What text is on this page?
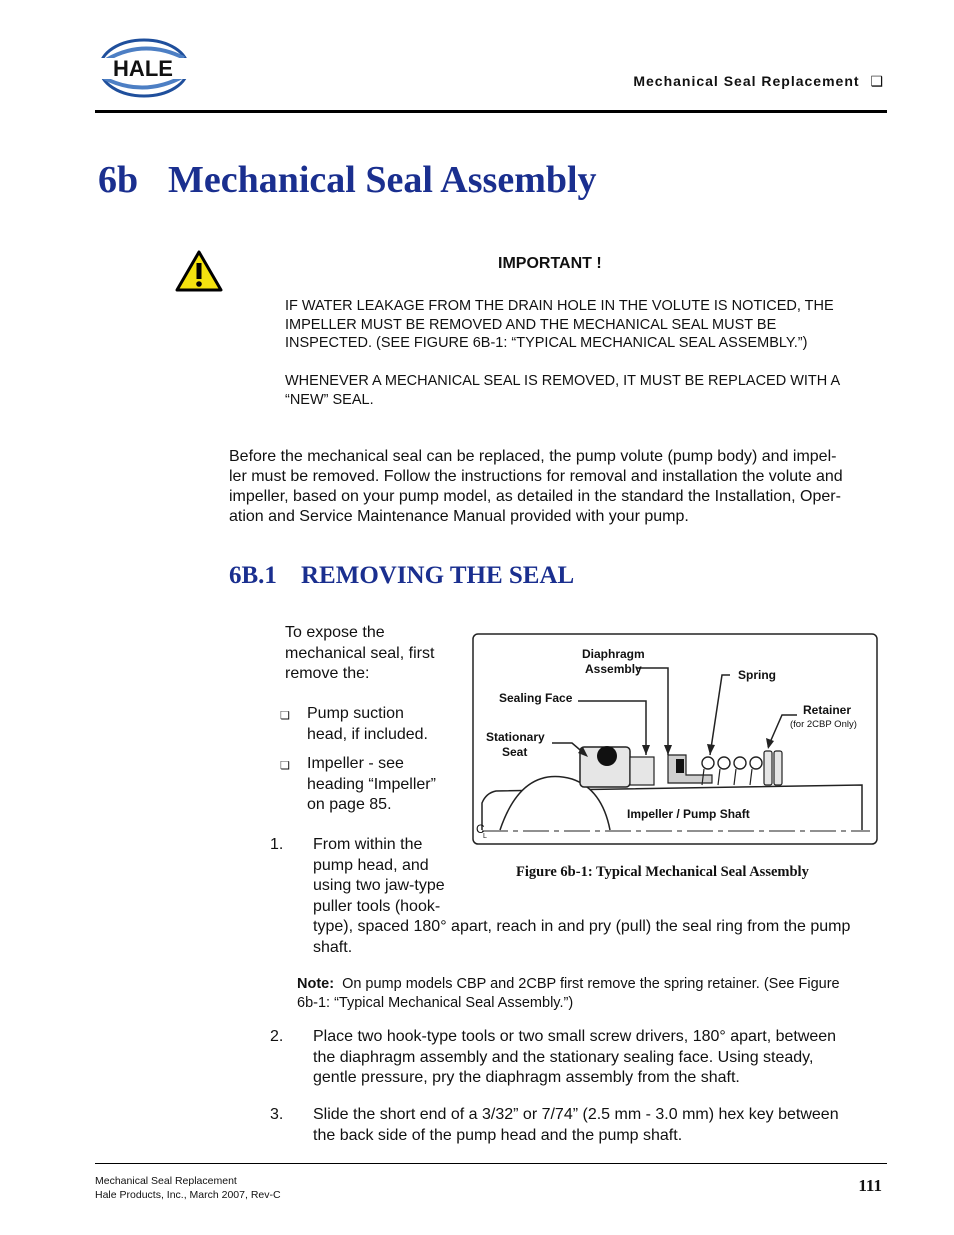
HALE	Mechanical Seal Replacement ❑
6b Mechanical Seal Assembly
IMPORTANT !

IF WATER LEAKAGE FROM THE DRAIN HOLE IN THE VOLUTE IS NOTICED, THE

IMPELLER MUST BE REMOVED AND THE MECHANICAL SEAL MUST BE

INSPECTED. (SEE FIGURE 6B-1: “TYPICAL MECHANICAL SEAL ASSEMBLY.”)

WHENEVER A MECHANICAL SEAL IS REMOVED, IT MUST BE REPLACED WITH A

“NEW” SEAL.

Before the mechanical seal can be replaced, the pump volute (pump body) and impel-
ler must be removed. Follow the instructions for removal and installation the volute and
impeller, based on your pump model, as detailed in the standard the Installation, Oper-
ation and Service Maintenance Manual provided with your pump.
6B.1 REMOVING THE SEAL
To expose the
mechanical seal, first
remove the:
❏ Pump suction
head, if included.
❏ Impeller - see
heading “Impeller”
on page 85.
Diaphragm
Assembly	Spring
Sealing Face
Retainer
Stationary
Seat
Impeller / Pump Shaft
(for 2CBP Only)
C
L
Figure 6b-1: Typical Mechanical Seal Assembly
1. From within the
pump head, and
using two jaw-type
puller tools (hook-
type), spaced 180° apart, reach in and pry (pull) the seal ring from the pump
shaft.
Note: On pump models CBP and 2CBP first remove the spring retainer. (See Figure
6b-1: “Typical Mechanical Seal Assembly.”)
2. Place two hook-type tools or two small screw drivers, 180° apart, between
the diaphragm assembly and the stationary sealing face. Using steady,
gentle pressure, pry the diaphragm assembly from the shaft.
3. Slide the short end of a 3/32” or 7/74” (2.5 mm - 3.0 mm) hex key between
the back side of the pump head and the pump shaft.
Mechanical Seal Replacement
Hale Products, Inc., March 2007, Rev-C	111
